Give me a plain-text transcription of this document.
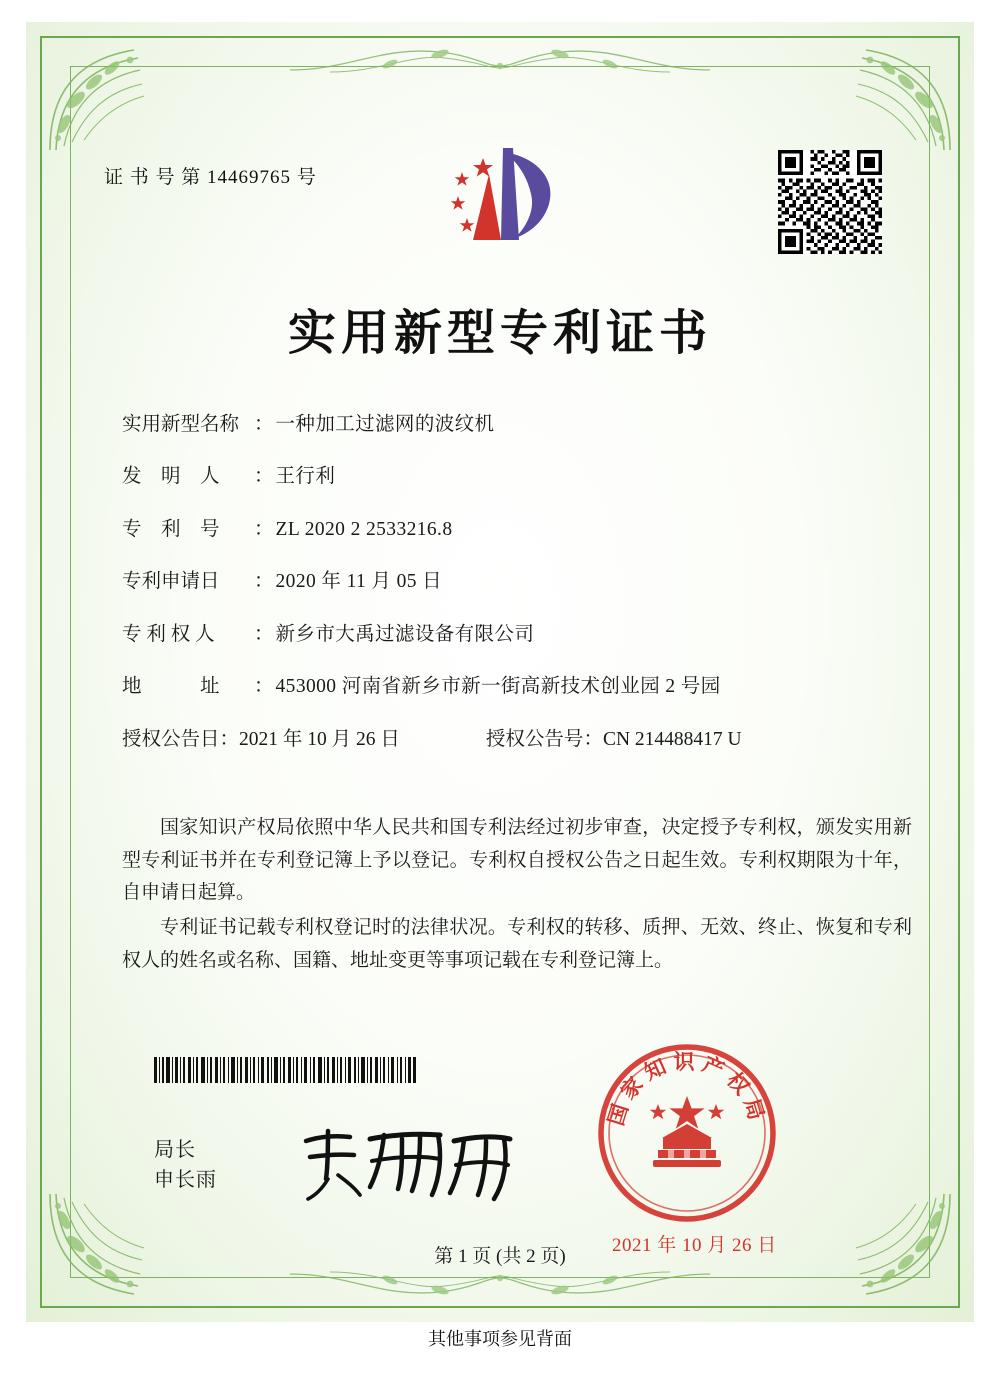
证 书 号 第 14469765 号
实用新型专利证书
实用新型名称 ： 一种加工过滤网的波纹机
发　明　人	： 王行利
专　利　号	： ZL 2020 2 2533216.8
专利申请日	： 2020 年 11 月 05 日
专 利 权 人	： 新乡市大禹过滤设备有限公司
地　　　址	： 453000 河南省新乡市新一街高新技术创业园 2 号园
授权公告日 ： 2021 年 10 月 26 日	授权公告号 ： CN 214488417 U

国家知识产权局依照中华人民共和国专利法经过初步审查，决定授予专利权，颁发实用新型专利证书并在专利登记簿上予以登记。专利权自授权公告之日起生效。专利权期限为十年，自申请日起算。

专利证书记载专利权登记时的法律状况。专利权的转移、质押、无效、终止、恢复和专利权人的姓名或名称、国籍、地址变更等事项记载在专利登记簿上。

局长
申长雨
国家知识产权局
2021 年 10 月 26 日
第 1 页 (共 2 页)
其他事项参见背面
